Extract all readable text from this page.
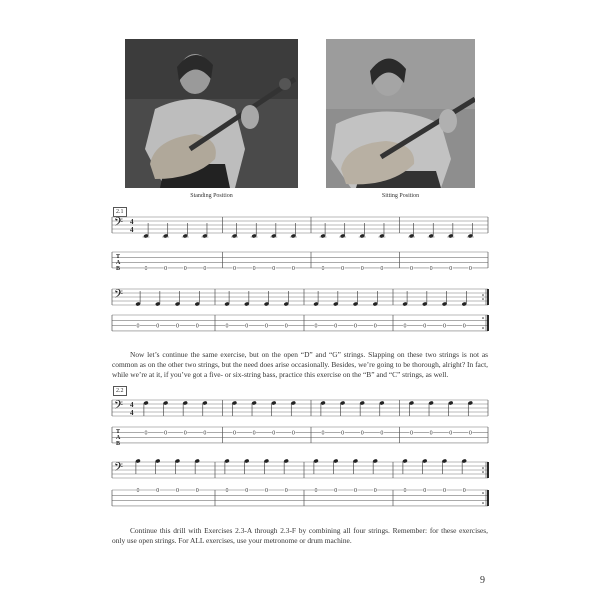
Standing Position	Sitting Position
2.1
2.2
𝄢 4
4
T
A
B	0	0	0	0	0	0	0	0	0	0	0	0	0	0	0	0
𝄢
0	0	0	0	0	0	0	0	0	0	0	0	0	0	0	0
𝄢 4
4
T
A
B
0	0	0	0	0	0	0	0	0	0	0	0	0	0	0	0
𝄢
0	0	0	0	0	0	0	0	0	0	0	0	0	0	0	0
Now let’s continue the same exercise, but on the open “D” and “G” strings. Slapping on these two strings is not as common as on the other two strings, but the need does arise occasionally. Besides, we’re going to be thorough, alright? In fact, while we’re at it, if you’ve got a five- or six-string bass, practice this exercise on the “B” and “C” strings, as well.
Continue this drill with Exercises 2.3-A through 2.3-F by combining all four strings. Remember: for these exercises, only use open strings. For ALL exercises, use your metronome or drum machine.
9
